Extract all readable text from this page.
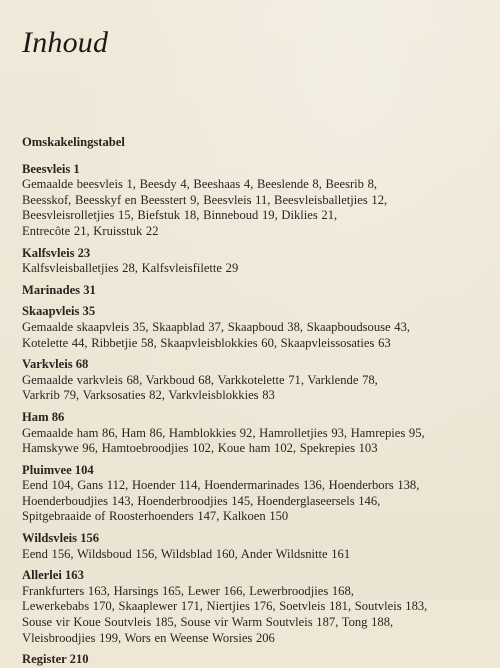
Inhoud
Omskakelingstabel
Beesvleis 1
Gemaalde beesvleis 1, Beesdy 4, Beeshaas 4, Beeslende 8, Beesrib 8,
Beesskof, Beesskyf en Beesstert 9, Beesvleis 11, Beesvleisballetjies 12,
Beesvleisrolletjies 15, Biefstuk 18, Binneboud 19, Diklies 21,
Entrecôte 21, Kruisstuk 22
Kalfsvleis 23
Kalfsvleisballetjies 28, Kalfsvleisfilette 29
Marinades 31
Skaapvleis 35
Gemaalde skaapvleis 35, Skaapblad 37, Skaapboud 38, Skaapboudsouse 43,
Kotelette 44, Ribbetjie 58, Skaapvleisblokkies 60, Skaapvleissosaties 63
Varkvleis 68
Gemaalde varkvleis 68, Varkboud 68, Varkkotelette 71, Varklende 78,
Varkrib 79, Varksosaties 82, Varkvleisblokkies 83
Ham 86
Gemaalde ham 86, Ham 86, Hamblokkies 92, Hamrolletjies 93, Hamrepies 95,
Hamskywe 96, Hamtoebroodjies 102, Koue ham 102, Spekrepies 103
Pluimvee 104
Eend 104, Gans 112, Hoender 114, Hoendermarinades 136, Hoenderbors 138,
Hoenderboudjies 143, Hoenderbroodjies 145, Hoenderglaseersels 146,
Spitgebraaide of Roosterhoenders 147, Kalkoen 150
Wildsvleis 156
Eend 156, Wildsboud 156, Wildsblad 160, Ander Wildsnitte 161
Allerlei 163
Frankfurters 163, Harsings 165, Lewer 166, Lewerbroodjies 168,
Lewerkebabs 170, Skaaplewer 171, Niertjies 176, Soetvleis 181, Soutvleis 183,
Souse vir Koue Soutvleis 185, Souse vir Warm Soutvleis 187, Tong 188,
Vleisbroodjies 199, Wors en Weense Worsies 206
Register 210
